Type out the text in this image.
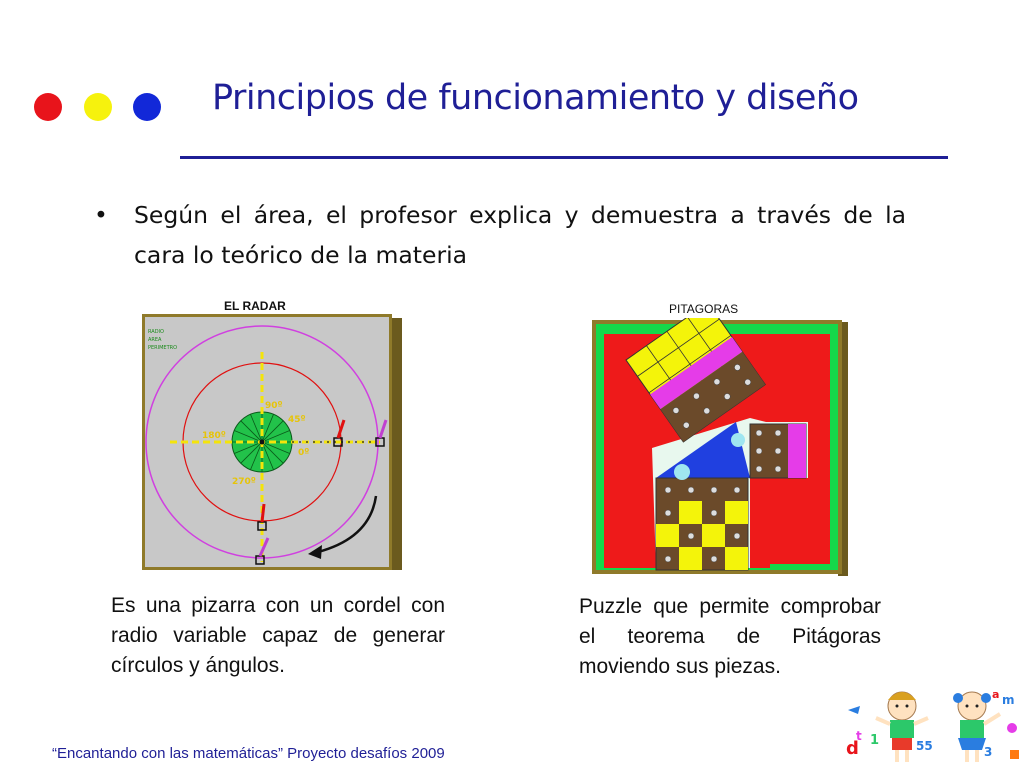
Principios de funcionamiento y diseño
• Según el área, el profesor explica y demuestra a través de la cara lo teórico de la materia
EL RADAR
RADIO
AREA
PERIMETRO
90º
45º
180º
0º
270º
PITAGORAS
Es una pizarra con un cordel con radio variable capaz de generar círculos y ángulos.
Puzzle que permite comprobar el teorema de Pitágoras moviendo sus piezas.
“Encantando con las matemáticas” Proyecto desafíos 2009	d
t 1	55
a m
3
